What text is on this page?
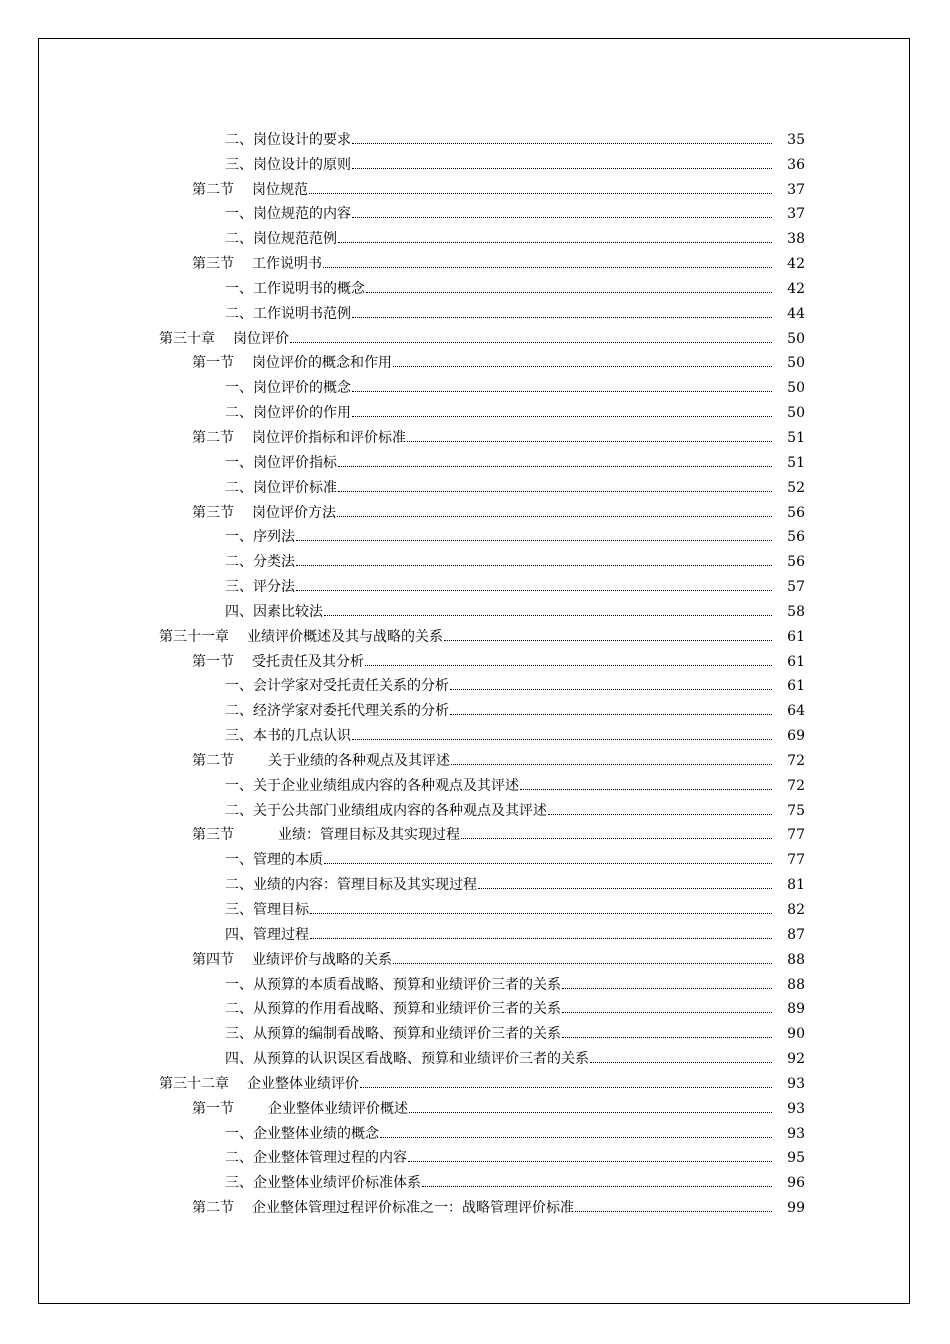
二、 岗位设计的要求	35
三、 岗位设计的原则	36
第二节 岗位规范	37
一、 岗位规范的内容	37
二、 岗位规范范例	38
第三节 工作说明书	42
一、 工作说明书的概念	42
二、 工作说明书范例	44
第三十章 岗位评价	50
第一节 岗位评价的概念和作用	50
一、 岗位评价的概念	50
二、 岗位评价的作用	50
第二节 岗位评价指标和评价标准	51
一、 岗位评价指标	51
二、 岗位评价标准	52
第三节 岗位评价方法	56
一、 序列法	56
二、 分类法	56
三、 评分法	57
四、 因素比较法	58
第三十一章 业绩评价概述及其与战略的关系	61
第一节 受托责任及其分析	61
一、 会计学家对受托责任关系的分析	61
二、 经济学家对委托代理关系的分析	64
三、 本书的几点认识	69
第二节 关于业绩的各种观点及其评述	72
一、 关于企业业绩组成内容的各种观点及其评述	72
二、 关于公共部门业绩组成内容的各种观点及其评述	75
第三节	业绩：管理目标及其实现过程	77
一、 管理的本质	77
二、 业绩的内容：管理目标及其实现过程	81
三、 管理目标	82
四、 管理过程	87
第四节 业绩评价与战略的关系	88
一、 从预算的本质看战略、预算和业绩评价三者的关系	88
二、 从预算的作用看战略、预算和业绩评价三者的关系	89
三、 从预算的编制看战略、预算和业绩评价三者的关系	90
四、 从预算的认识误区看战略、预算和业绩评价三者的关系	92
第三十二章 企业整体业绩评价	93
第一节 企业整体业绩评价概述	93
一、 企业整体业绩的概念	93
二、 企业整体管理过程的内容	95
三、 企业整体业绩评价标准体系	96
第二节 企业整体管理过程评价标准之一：战略管理评价标准	99
